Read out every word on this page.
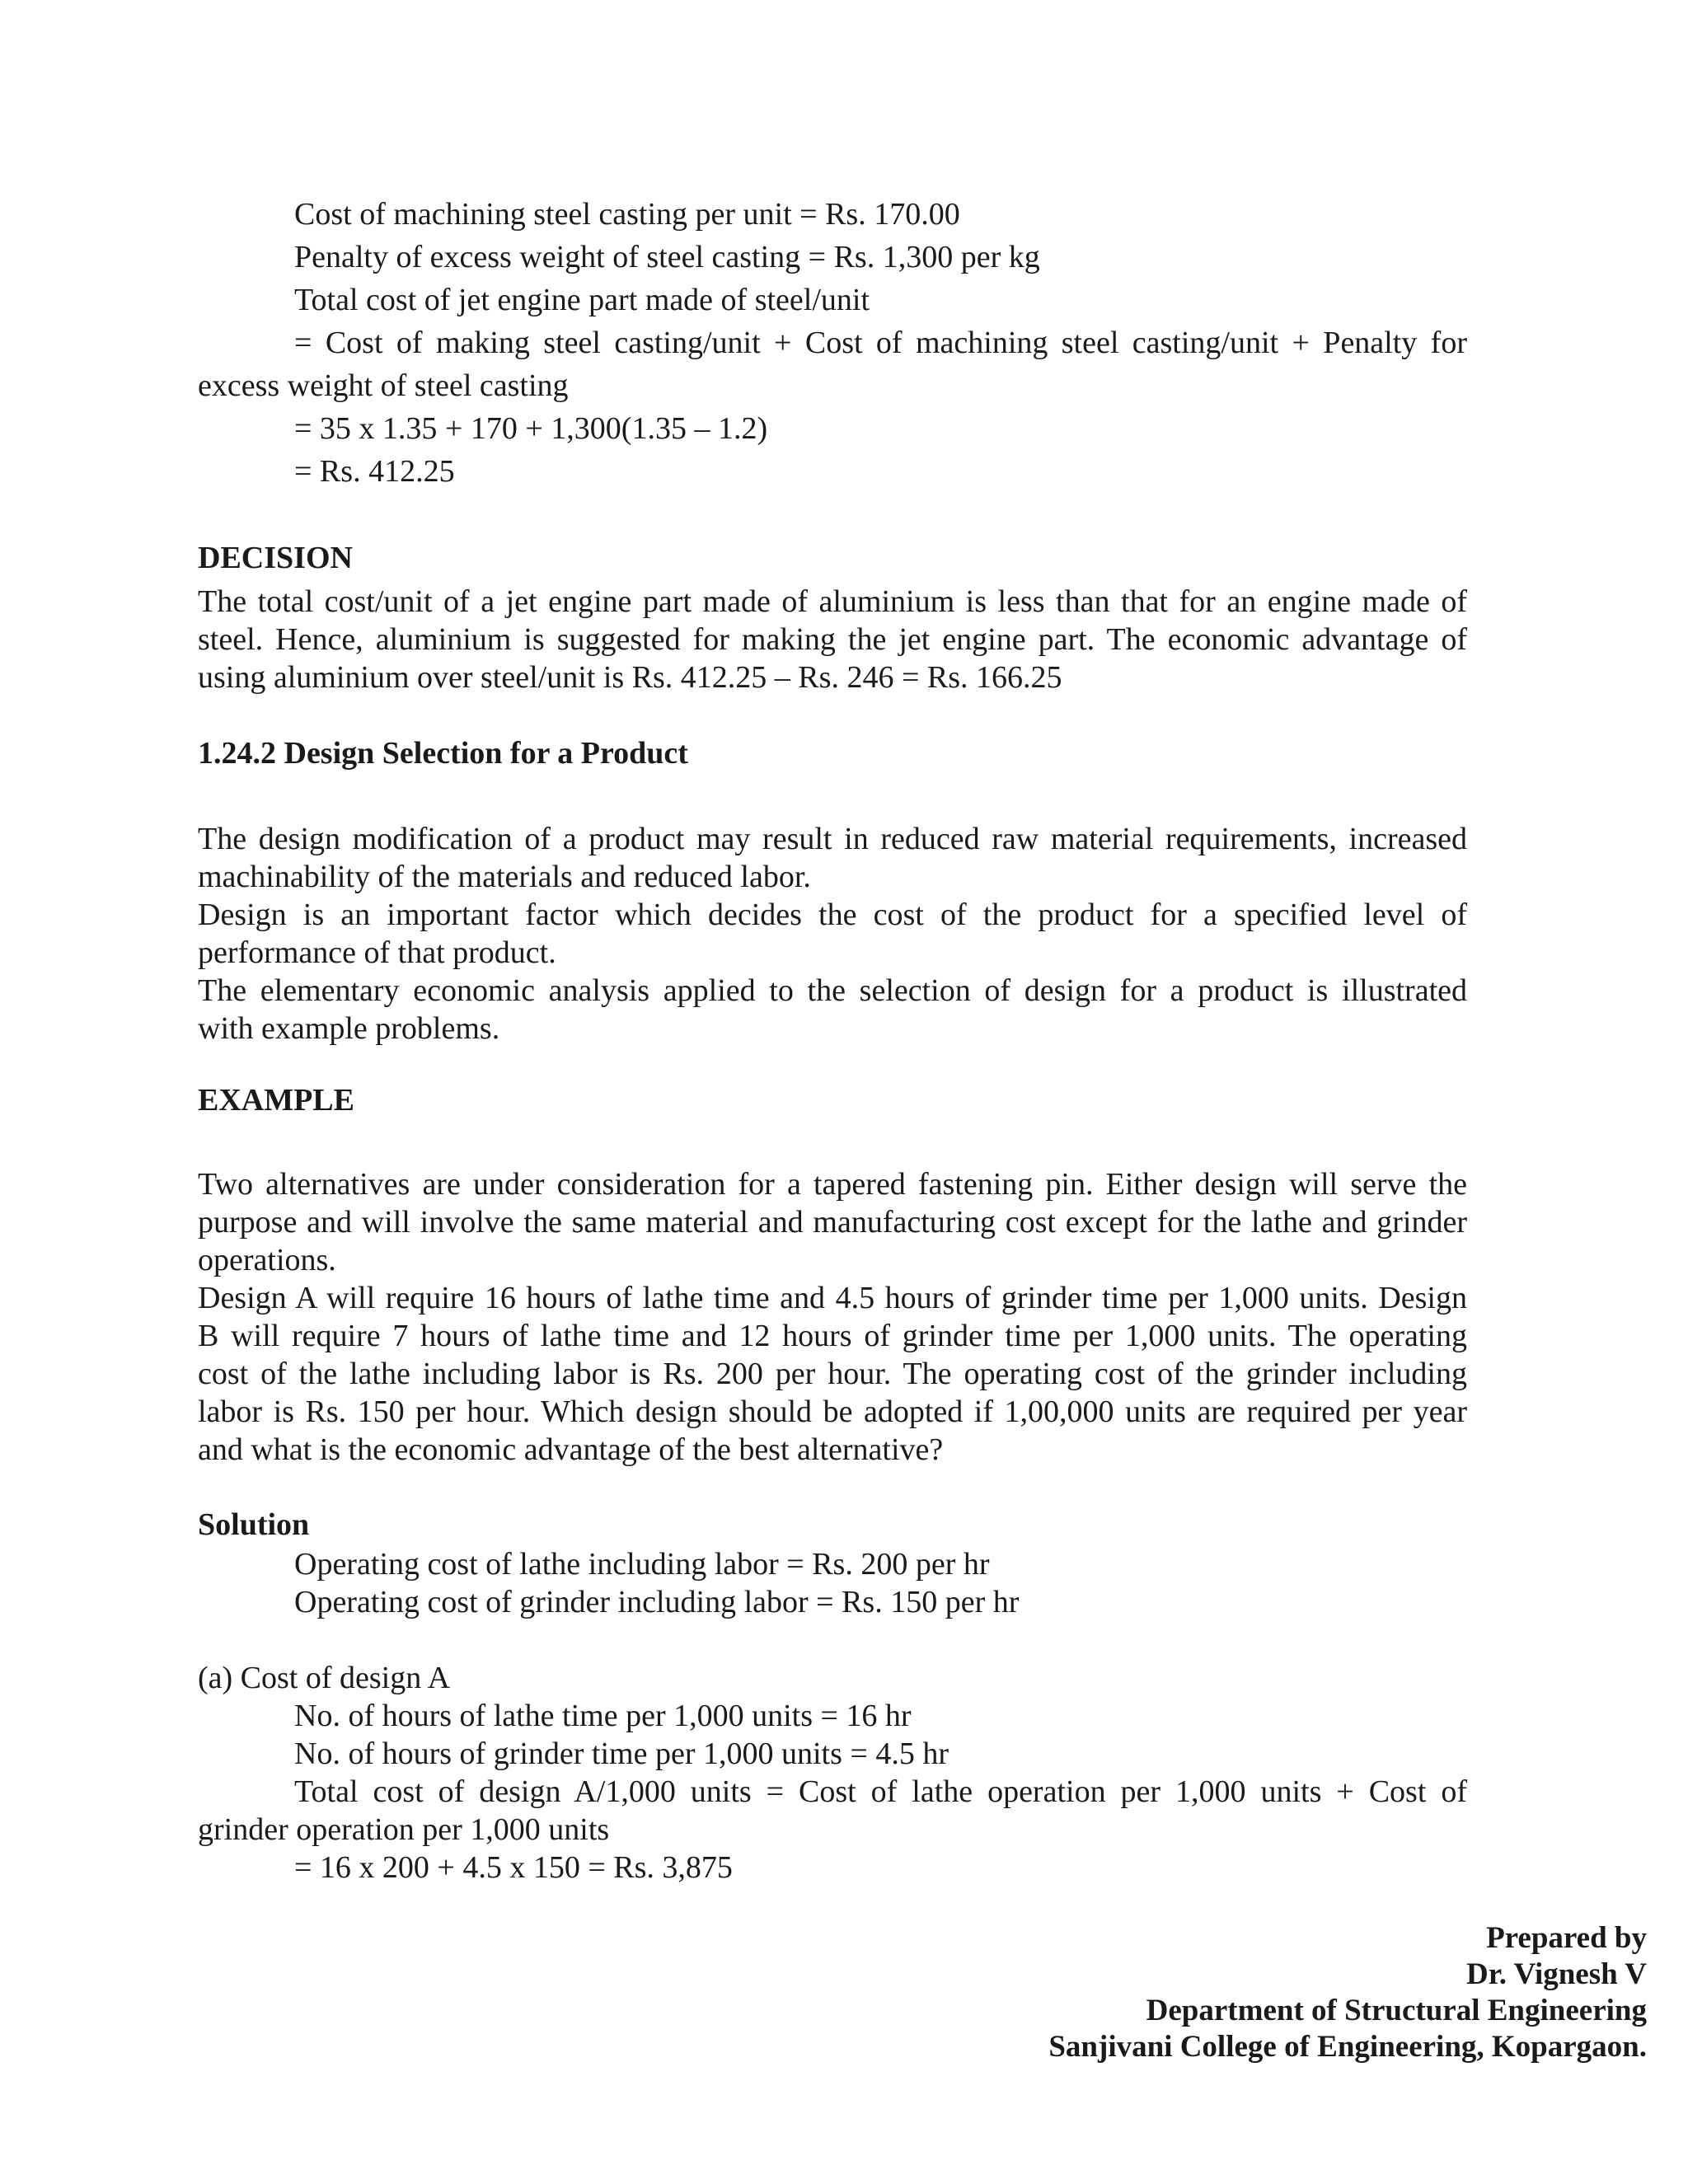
Cost of machining steel casting per unit = Rs. 170.00

Penalty of excess weight of steel casting = Rs. 1,300 per kg

Total cost of jet engine part made of steel/unit

= Cost of making steel casting/unit + Cost of machining steel casting/unit + Penalty for

excess weight of steel casting

= 35 x 1.35 + 170 + 1,300(1.35 – 1.2)

= Rs. 412.25

DECISION

The total cost/unit of a jet engine part made of aluminium is less than that for an engine made of

steel. Hence, aluminium is suggested for making the jet engine part. The economic advantage of

using aluminium over steel/unit is Rs. 412.25 – Rs. 246 = Rs. 166.25

1.24.2 Design Selection for a Product

The design modification of a product may result in reduced raw material requirements, increased

machinability of the materials and reduced labor.

Design is an important factor which decides the cost of the product for a specified level of

performance of that product.

The elementary economic analysis applied to the selection of design for a product is illustrated

with example problems.

EXAMPLE

Two alternatives are under consideration for a tapered fastening pin. Either design will serve the

purpose and will involve the same material and manufacturing cost except for the lathe and grinder

operations.

Design A will require 16 hours of lathe time and 4.5 hours of grinder time per 1,000 units. Design

B will require 7 hours of lathe time and 12 hours of grinder time per 1,000 units. The operating

cost of the lathe including labor is Rs. 200 per hour. The operating cost of the grinder including

labor is Rs. 150 per hour. Which design should be adopted if 1,00,000 units are required per year

and what is the economic advantage of the best alternative?

Solution

Operating cost of lathe including labor = Rs. 200 per hr

Operating cost of grinder including labor = Rs. 150 per hr

(a) Cost of design A

No. of hours of lathe time per 1,000 units = 16 hr

No. of hours of grinder time per 1,000 units = 4.5 hr

Total cost of design A/1,000 units = Cost of lathe operation per 1,000 units + Cost of

grinder operation per 1,000 units

= 16 x 200 + 4.5 x 150 = Rs. 3,875

Prepared by
Dr. Vignesh V
Department of Structural Engineering
Sanjivani College of Engineering, Kopargaon.
